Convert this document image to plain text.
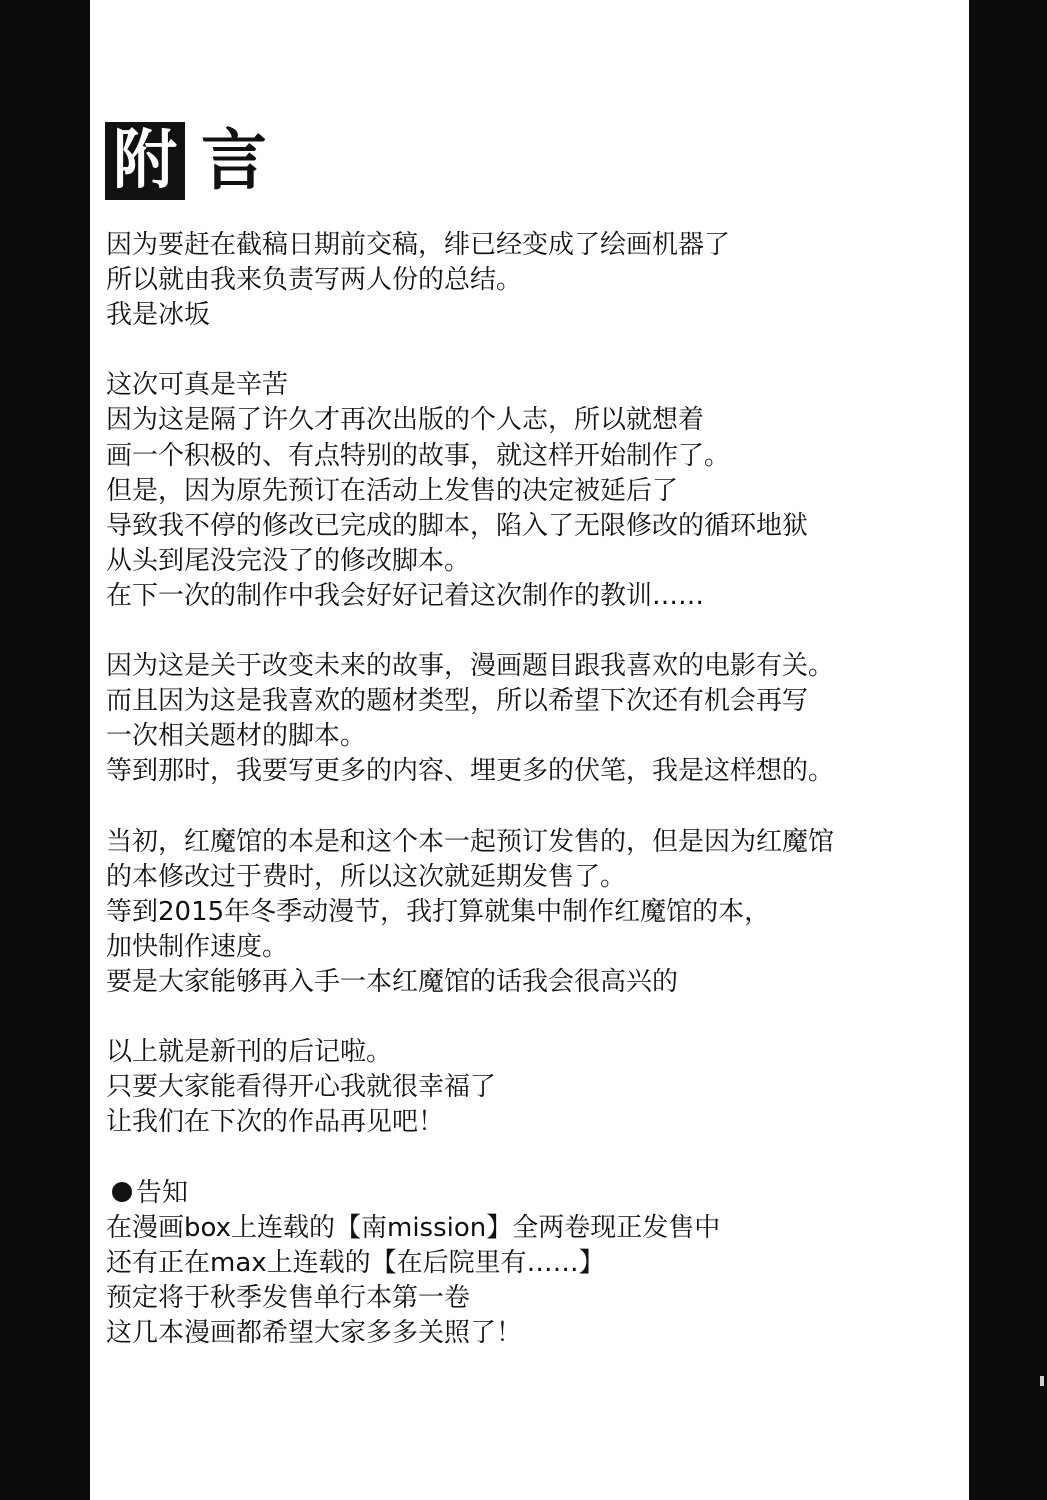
附 言
因为要赶在截稿日期前交稿，绯已经变成了绘画机器了
所以就由我来负责写两人份的总结。
我是冰坂
这次可真是辛苦
因为这是隔了许久才再次出版的个人志，所以就想着
画一个积极的、有点特别的故事，就这样开始制作了。
但是，因为原先预订在活动上发售的决定被延后了
导致我不停的修改已完成的脚本，陷入了无限修改的循环地狱
从头到尾没完没了的修改脚本。
在下一次的制作中我会好好记着这次制作的教训……
因为这是关于改变未来的故事，漫画题目跟我喜欢的电影有关。
而且因为这是我喜欢的题材类型，所以希望下次还有机会再写
一次相关题材的脚本。
等到那时，我要写更多的内容、埋更多的伏笔，我是这样想的。
当初，红魔馆的本是和这个本一起预订发售的，但是因为红魔馆
的本修改过于费时，所以这次就延期发售了。
等到2015年冬季动漫节，我打算就集中制作红魔馆的本，
加快制作速度。
要是大家能够再入手一本红魔馆的话我会很高兴的
以上就是新刊的后记啦。
只要大家能看得开心我就很幸福了
让我们在下次的作品再见吧！
告知
在漫画box上连载的【南mission】全两卷现正发售中
还有正在max上连载的【在后院里有……】
预定将于秋季发售单行本第一卷
这几本漫画都希望大家多多关照了！
